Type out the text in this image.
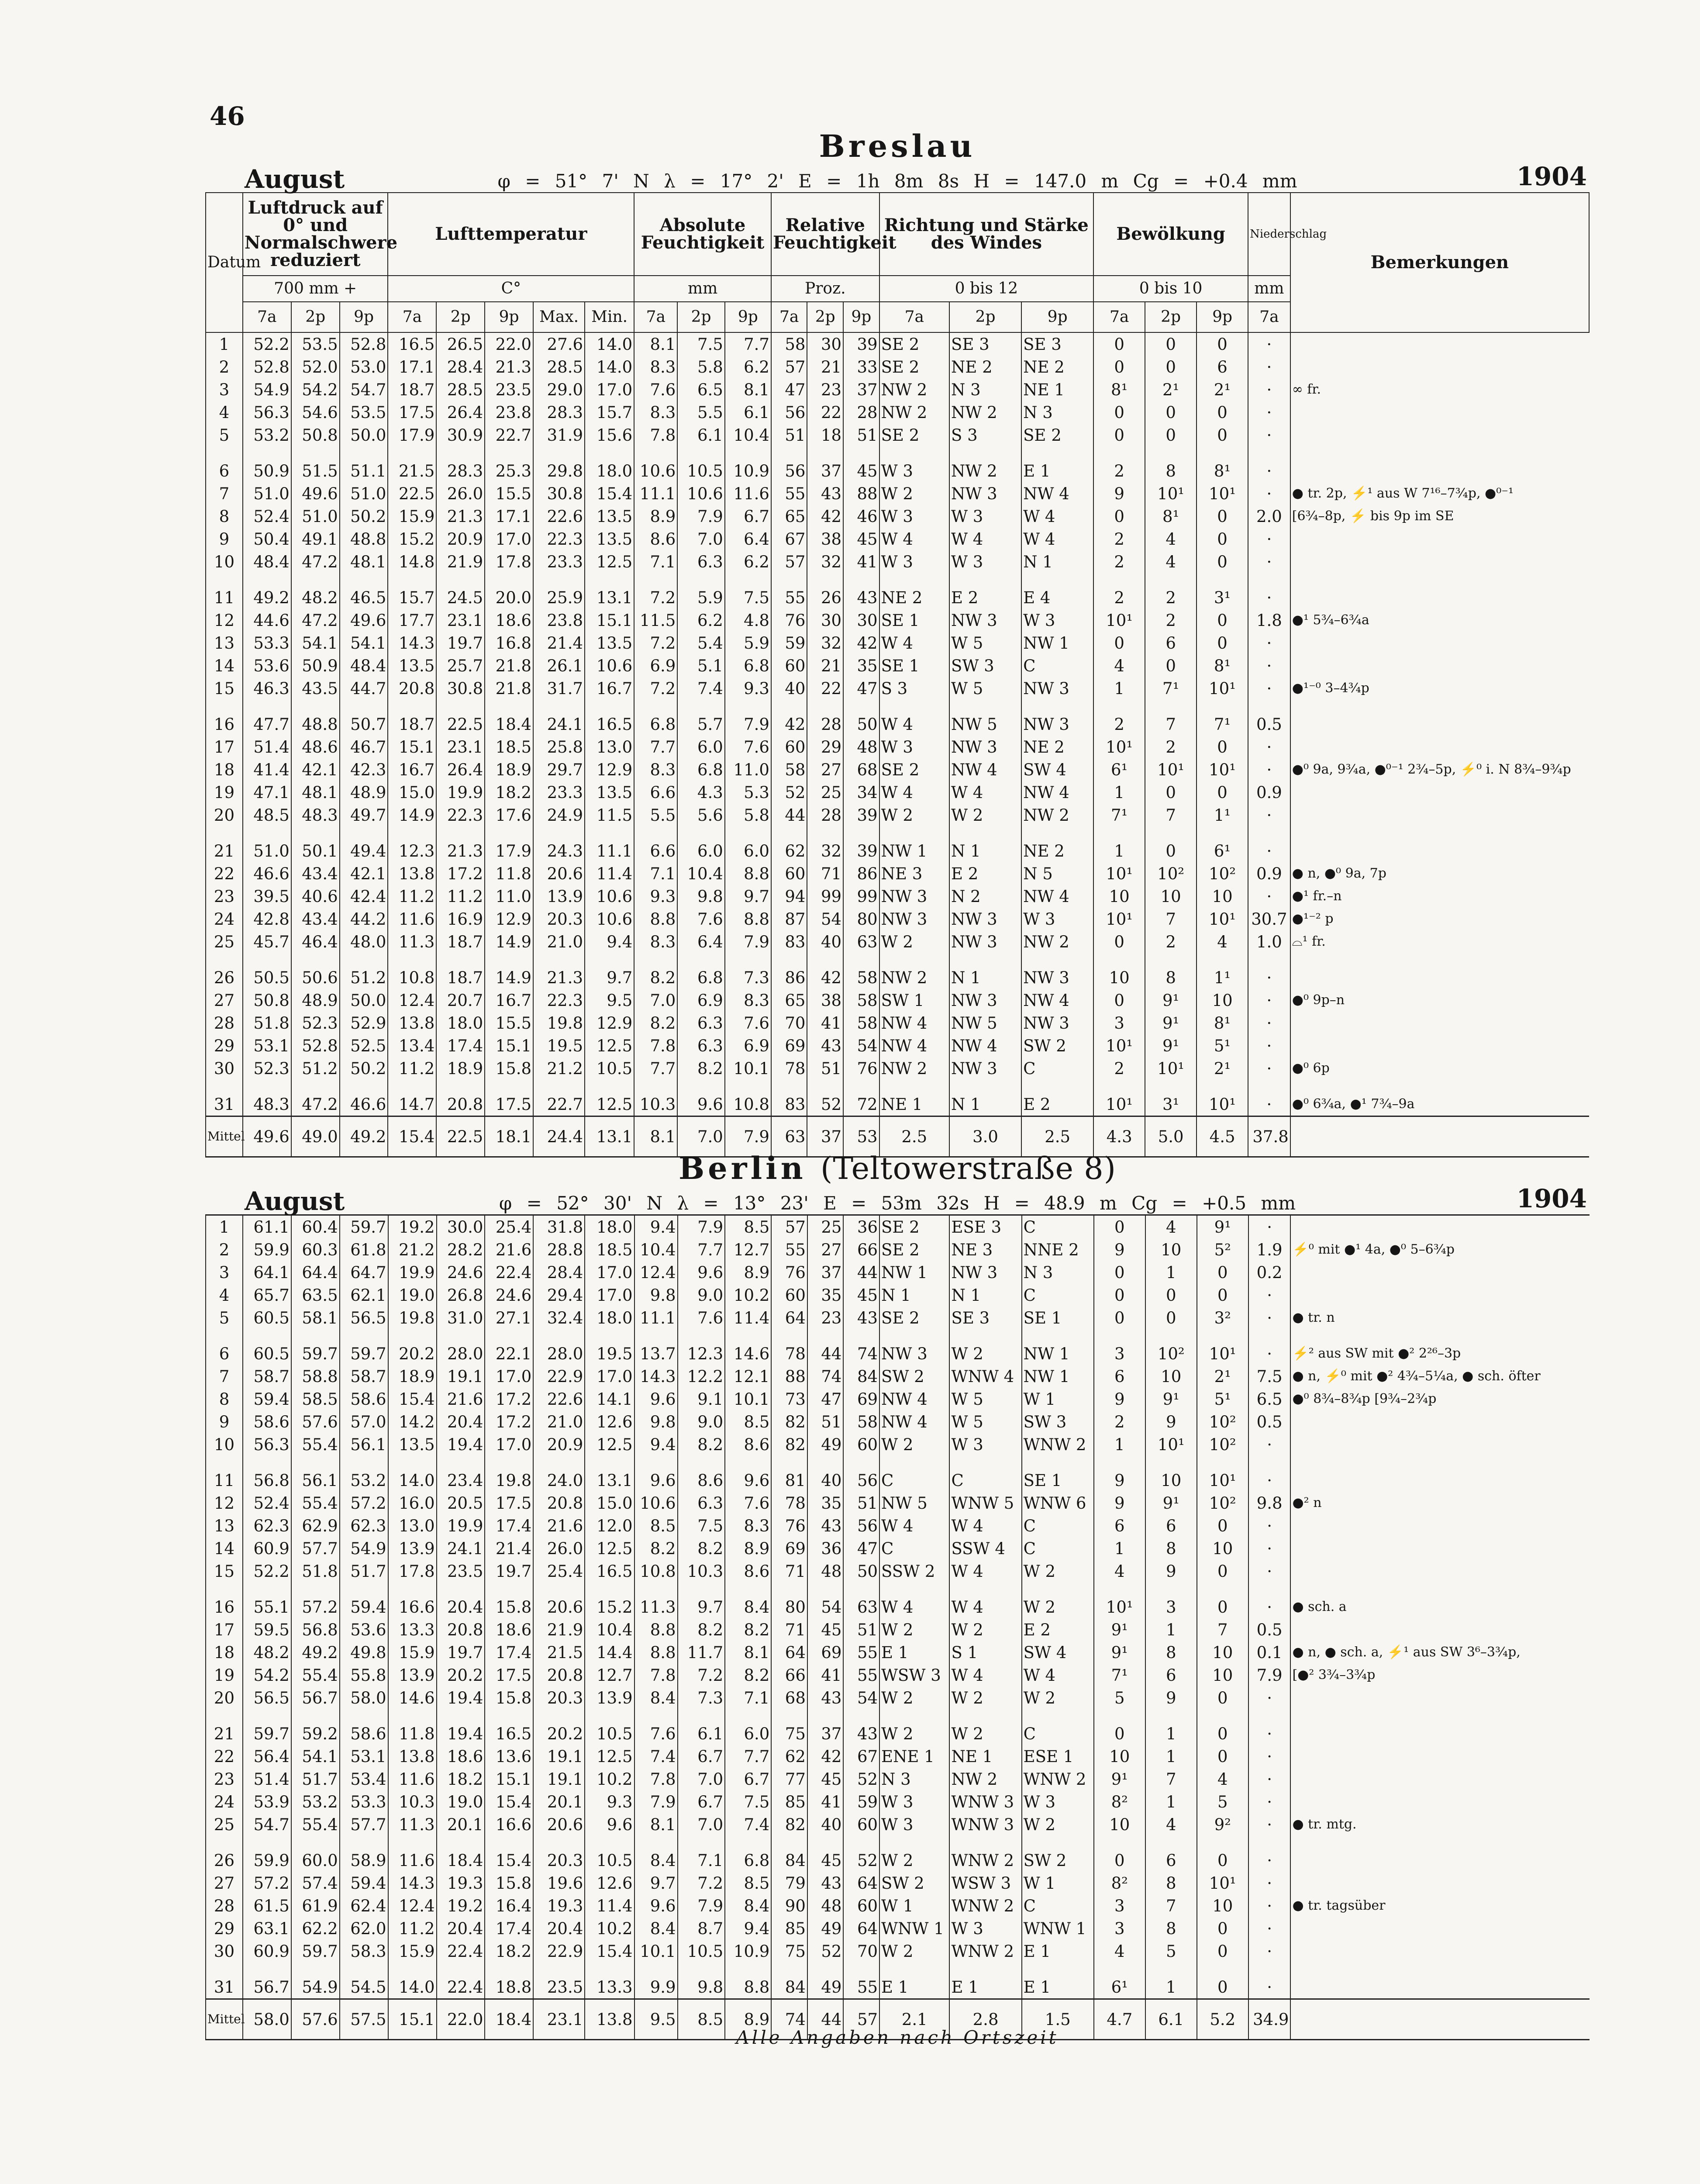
46
Breslau
August	φ = 51° 7' N λ = 17° 2' E = 1h 8m 8s H = 147.0 m Cg = +0.4 mm	1904
Datum	Luftdruck auf 0° und Normalschwere reduziert			Lufttemperatur					Absolute Feuchtigkeit			Relative Feuchtigkeit			Richtung und Stärke des Windes			Bewölkung			Niederschlag	Bemerkungen
	700 mm +			C°					mm			Proz.			0 bis 12			0 bis 10			mm	
	7a	2p	9p	7a	2p	9p	Max.	Min.	7a	2p	9p	7a	2p	9p	7a	2p	9p	7a	2p	9p	7a	
1	52.2	53.5	52.8	16.5	26.5	22.0	27.6	14.0	8.1	7.5	7.7	58	30	39	SE 2	SE 3	SE 3	0	0	0	·	
2	52.8	52.0	53.0	17.1	28.4	21.3	28.5	14.0	8.3	5.8	6.2	57	21	33	SE 2	NE 2	NE 2	0	0	6	·	
3	54.9	54.2	54.7	18.7	28.5	23.5	29.0	17.0	7.6	6.5	8.1	47	23	37	NW 2	N 3	NE 1	8¹	2¹	2¹	·	∞ fr.
4	56.3	54.6	53.5	17.5	26.4	23.8	28.3	15.7	8.3	5.5	6.1	56	22	28	NW 2	NW 2	N 3	0	0	0	·	
5	53.2	50.8	50.0	17.9	30.9	22.7	31.9	15.6	7.8	6.1	10.4	51	18	51	SE 2	S 3	SE 2	0	0	0	·	
6	50.9	51.5	51.1	21.5	28.3	25.3	29.8	18.0	10.6	10.5	10.9	56	37	45	W 3	NW 2	E 1	2	8	8¹	·	
7	51.0	49.6	51.0	22.5	26.0	15.5	30.8	15.4	11.1	10.6	11.6	55	43	88	W 2	NW 3	NW 4	9	10¹	10¹	·	● tr. 2p, ⚡¹ aus W 7¹⁶–7¾p, ●⁰⁻¹
8	52.4	51.0	50.2	15.9	21.3	17.1	22.6	13.5	8.9	7.9	6.7	65	42	46	W 3	W 3	W 4	0	8¹	0	2.0	[6¾–8p, ⚡ bis 9p im SE
9	50.4	49.1	48.8	15.2	20.9	17.0	22.3	13.5	8.6	7.0	6.4	67	38	45	W 4	W 4	W 4	2	4	0	·	
10	48.4	47.2	48.1	14.8	21.9	17.8	23.3	12.5	7.1	6.3	6.2	57	32	41	W 3	W 3	N 1	2	4	0	·	
11	49.2	48.2	46.5	15.7	24.5	20.0	25.9	13.1	7.2	5.9	7.5	55	26	43	NE 2	E 2	E 4	2	2	3¹	·	
12	44.6	47.2	49.6	17.7	23.1	18.6	23.8	15.1	11.5	6.2	4.8	76	30	30	SE 1	NW 3	W 3	10¹	2	0	1.8	●¹ 5¾–6¾a
13	53.3	54.1	54.1	14.3	19.7	16.8	21.4	13.5	7.2	5.4	5.9	59	32	42	W 4	W 5	NW 1	0	6	0	·	
14	53.6	50.9	48.4	13.5	25.7	21.8	26.1	10.6	6.9	5.1	6.8	60	21	35	SE 1	SW 3	C	4	0	8¹	·	
15	46.3	43.5	44.7	20.8	30.8	21.8	31.7	16.7	7.2	7.4	9.3	40	22	47	S 3	W 5	NW 3	1	7¹	10¹	·	●¹⁻⁰ 3–4¾p
16	47.7	48.8	50.7	18.7	22.5	18.4	24.1	16.5	6.8	5.7	7.9	42	28	50	W 4	NW 5	NW 3	2	7	7¹	0.5	
17	51.4	48.6	46.7	15.1	23.1	18.5	25.8	13.0	7.7	6.0	7.6	60	29	48	W 3	NW 3	NE 2	10¹	2	0	·	
18	41.4	42.1	42.3	16.7	26.4	18.9	29.7	12.9	8.3	6.8	11.0	58	27	68	SE 2	NW 4	SW 4	6¹	10¹	10¹	·	●⁰ 9a, 9¾a, ●⁰⁻¹ 2¾–5p, ⚡⁰ i. N 8¾–9¾p
19	47.1	48.1	48.9	15.0	19.9	18.2	23.3	13.5	6.6	4.3	5.3	52	25	34	W 4	W 4	NW 4	1	0	0	0.9	
20	48.5	48.3	49.7	14.9	22.3	17.6	24.9	11.5	5.5	5.6	5.8	44	28	39	W 2	W 2	NW 2	7¹	7	1¹	·	
21	51.0	50.1	49.4	12.3	21.3	17.9	24.3	11.1	6.6	6.0	6.0	62	32	39	NW 1	N 1	NE 2	1	0	6¹	·	
22	46.6	43.4	42.1	13.8	17.2	11.8	20.6	11.4	7.1	10.4	8.8	60	71	86	NE 3	E 2	N 5	10¹	10²	10²	0.9	● n, ●⁰ 9a, 7p
23	39.5	40.6	42.4	11.2	11.2	11.0	13.9	10.6	9.3	9.8	9.7	94	99	99	NW 3	N 2	NW 4	10	10	10	·	●¹ fr.–n
24	42.8	43.4	44.2	11.6	16.9	12.9	20.3	10.6	8.8	7.6	8.8	87	54	80	NW 3	NW 3	W 3	10¹	7	10¹	30.7	●¹⁻² p
25	45.7	46.4	48.0	11.3	18.7	14.9	21.0	9.4	8.3	6.4	7.9	83	40	63	W 2	NW 3	NW 2	0	2	4	1.0	⌓¹ fr.
26	50.5	50.6	51.2	10.8	18.7	14.9	21.3	9.7	8.2	6.8	7.3	86	42	58	NW 2	N 1	NW 3	10	8	1¹	·	
27	50.8	48.9	50.0	12.4	20.7	16.7	22.3	9.5	7.0	6.9	8.3	65	38	58	SW 1	NW 3	NW 4	0	9¹	10	·	●⁰ 9p–n
28	51.8	52.3	52.9	13.8	18.0	15.5	19.8	12.9	8.2	6.3	7.6	70	41	58	NW 4	NW 5	NW 3	3	9¹	8¹	·	
29	53.1	52.8	52.5	13.4	17.4	15.1	19.5	12.5	7.8	6.3	6.9	69	43	54	NW 4	NW 4	SW 2	10¹	9¹	5¹	·	
30	52.3	51.2	50.2	11.2	18.9	15.8	21.2	10.5	7.7	8.2	10.1	78	51	76	NW 2	NW 3	C	2	10¹	2¹	·	●⁰ 6p
31	48.3	47.2	46.6	14.7	20.8	17.5	22.7	12.5	10.3	9.6	10.8	83	52	72	NE 1	N 1	E 2	10¹	3¹	10¹	·	●⁰ 6¾a, ●¹ 7¾–9a
Mittel	49.6	49.0	49.2	15.4	22.5	18.1	24.4	13.1	8.1	7.0	7.9	63	37	53	2.5	3.0	2.5	4.3	5.0	4.5	37.8	
Berlin (Teltowerstraße 8)
August	φ = 52° 30' N λ = 13° 23' E = 53m 32s H = 48.9 m Cg = +0.5 mm	1904
1	61.1	60.4	59.7	19.2	30.0	25.4	31.8	18.0	9.4	7.9	8.5	57	25	36	SE 2	ESE 3	C	0	4	9¹	·	
2	59.9	60.3	61.8	21.2	28.2	21.6	28.8	18.5	10.4	7.7	12.7	55	27	66	SE 2	NE 3	NNE 2	9	10	5²	1.9	⚡⁰ mit ●¹ 4a, ●⁰ 5–6¾p
3	64.1	64.4	64.7	19.9	24.6	22.4	28.4	17.0	12.4	9.6	8.9	76	37	44	NW 1	NW 3	N 3	0	1	0	0.2	
4	65.7	63.5	62.1	19.0	26.8	24.6	29.4	17.0	9.8	9.0	10.2	60	35	45	N 1	N 1	C	0	0	0	·	
5	60.5	58.1	56.5	19.8	31.0	27.1	32.4	18.0	11.1	7.6	11.4	64	23	43	SE 2	SE 3	SE 1	0	0	3²	·	● tr. n
6	60.5	59.7	59.7	20.2	28.0	22.1	28.0	19.5	13.7	12.3	14.6	78	44	74	NW 3	W 2	NW 1	3	10²	10¹	·	⚡² aus SW mit ●² 2²⁶–3p
7	58.7	58.8	58.7	18.9	19.1	17.0	22.9	17.0	14.3	12.2	12.1	88	74	84	SW 2	WNW 4	NW 1	6	10	2¹	7.5	● n, ⚡⁰ mit ●² 4¾–5¼a, ● sch. öfter
8	59.4	58.5	58.6	15.4	21.6	17.2	22.6	14.1	9.6	9.1	10.1	73	47	69	NW 4	W 5	W 1	9	9¹	5¹	6.5	●⁰ 8¾–8¾p [9¾–2¾p
9	58.6	57.6	57.0	14.2	20.4	17.2	21.0	12.6	9.8	9.0	8.5	82	51	58	NW 4	W 5	SW 3	2	9	10²	0.5	
10	56.3	55.4	56.1	13.5	19.4	17.0	20.9	12.5	9.4	8.2	8.6	82	49	60	W 2	W 3	WNW 2	1	10¹	10²	·	
11	56.8	56.1	53.2	14.0	23.4	19.8	24.0	13.1	9.6	8.6	9.6	81	40	56	C	C	SE 1	9	10	10¹	·	
12	52.4	55.4	57.2	16.0	20.5	17.5	20.8	15.0	10.6	6.3	7.6	78	35	51	NW 5	WNW 5	WNW 6	9	9¹	10²	9.8	●² n
13	62.3	62.9	62.3	13.0	19.9	17.4	21.6	12.0	8.5	7.5	8.3	76	43	56	W 4	W 4	C	6	6	0	·	
14	60.9	57.7	54.9	13.9	24.1	21.4	26.0	12.5	8.2	8.2	8.9	69	36	47	C	SSW 4	C	1	8	10	·	
15	52.2	51.8	51.7	17.8	23.5	19.7	25.4	16.5	10.8	10.3	8.6	71	48	50	SSW 2	W 4	W 2	4	9	0	·	
16	55.1	57.2	59.4	16.6	20.4	15.8	20.6	15.2	11.3	9.7	8.4	80	54	63	W 4	W 4	W 2	10¹	3	0	·	● sch. a
17	59.5	56.8	53.6	13.3	20.8	18.6	21.9	10.4	8.8	8.2	8.2	71	45	51	W 2	W 2	E 2	9¹	1	7	0.5	
18	48.2	49.2	49.8	15.9	19.7	17.4	21.5	14.4	8.8	11.7	8.1	64	69	55	E 1	S 1	SW 4	9¹	8	10	0.1	● n, ● sch. a, ⚡¹ aus SW 3⁶–3¾p,
19	54.2	55.4	55.8	13.9	20.2	17.5	20.8	12.7	7.8	7.2	8.2	66	41	55	WSW 3	W 4	W 4	7¹	6	10	7.9	[●² 3¾–3¾p
20	56.5	56.7	58.0	14.6	19.4	15.8	20.3	13.9	8.4	7.3	7.1	68	43	54	W 2	W 2	W 2	5	9	0	·	
21	59.7	59.2	58.6	11.8	19.4	16.5	20.2	10.5	7.6	6.1	6.0	75	37	43	W 2	W 2	C	0	1	0	·	
22	56.4	54.1	53.1	13.8	18.6	13.6	19.1	12.5	7.4	6.7	7.7	62	42	67	ENE 1	NE 1	ESE 1	10	1	0	·	
23	51.4	51.7	53.4	11.6	18.2	15.1	19.1	10.2	7.8	7.0	6.7	77	45	52	N 3	NW 2	WNW 2	9¹	7	4	·	
24	53.9	53.2	53.3	10.3	19.0	15.4	20.1	9.3	7.9	6.7	7.5	85	41	59	W 3	WNW 3	W 3	8²	1	5	·	
25	54.7	55.4	57.7	11.3	20.1	16.6	20.6	9.6	8.1	7.0	7.4	82	40	60	W 3	WNW 3	W 2	10	4	9²	·	● tr. mtg.
26	59.9	60.0	58.9	11.6	18.4	15.4	20.3	10.5	8.4	7.1	6.8	84	45	52	W 2	WNW 2	SW 2	0	6	0	·	
27	57.2	57.4	59.4	14.3	19.3	15.8	19.6	12.6	9.7	7.2	8.5	79	43	64	SW 2	WSW 3	W 1	8²	8	10¹	·	
28	61.5	61.9	62.4	12.4	19.2	16.4	19.3	11.4	9.6	7.9	8.4	90	48	60	W 1	WNW 2	C	3	7	10	·	● tr. tagsüber
29	63.1	62.2	62.0	11.2	20.4	17.4	20.4	10.2	8.4	8.7	9.4	85	49	64	WNW 1	W 3	WNW 1	3	8	0	·	
30	60.9	59.7	58.3	15.9	22.4	18.2	22.9	15.4	10.1	10.5	10.9	75	52	70	W 2	WNW 2	E 1	4	5	0	·	
31	56.7	54.9	54.5	14.0	22.4	18.8	23.5	13.3	9.9	9.8	8.8	84	49	55	E 1	E 1	E 1	6¹	1	0	·	
Mittel	58.0	57.6	57.5	15.1	22.0	18.4	23.1	13.8	9.5	8.5	8.9	74	44	57	2.1	2.8	1.5	4.7	6.1	5.2	34.9	
Alle Angaben nach Ortszeit
